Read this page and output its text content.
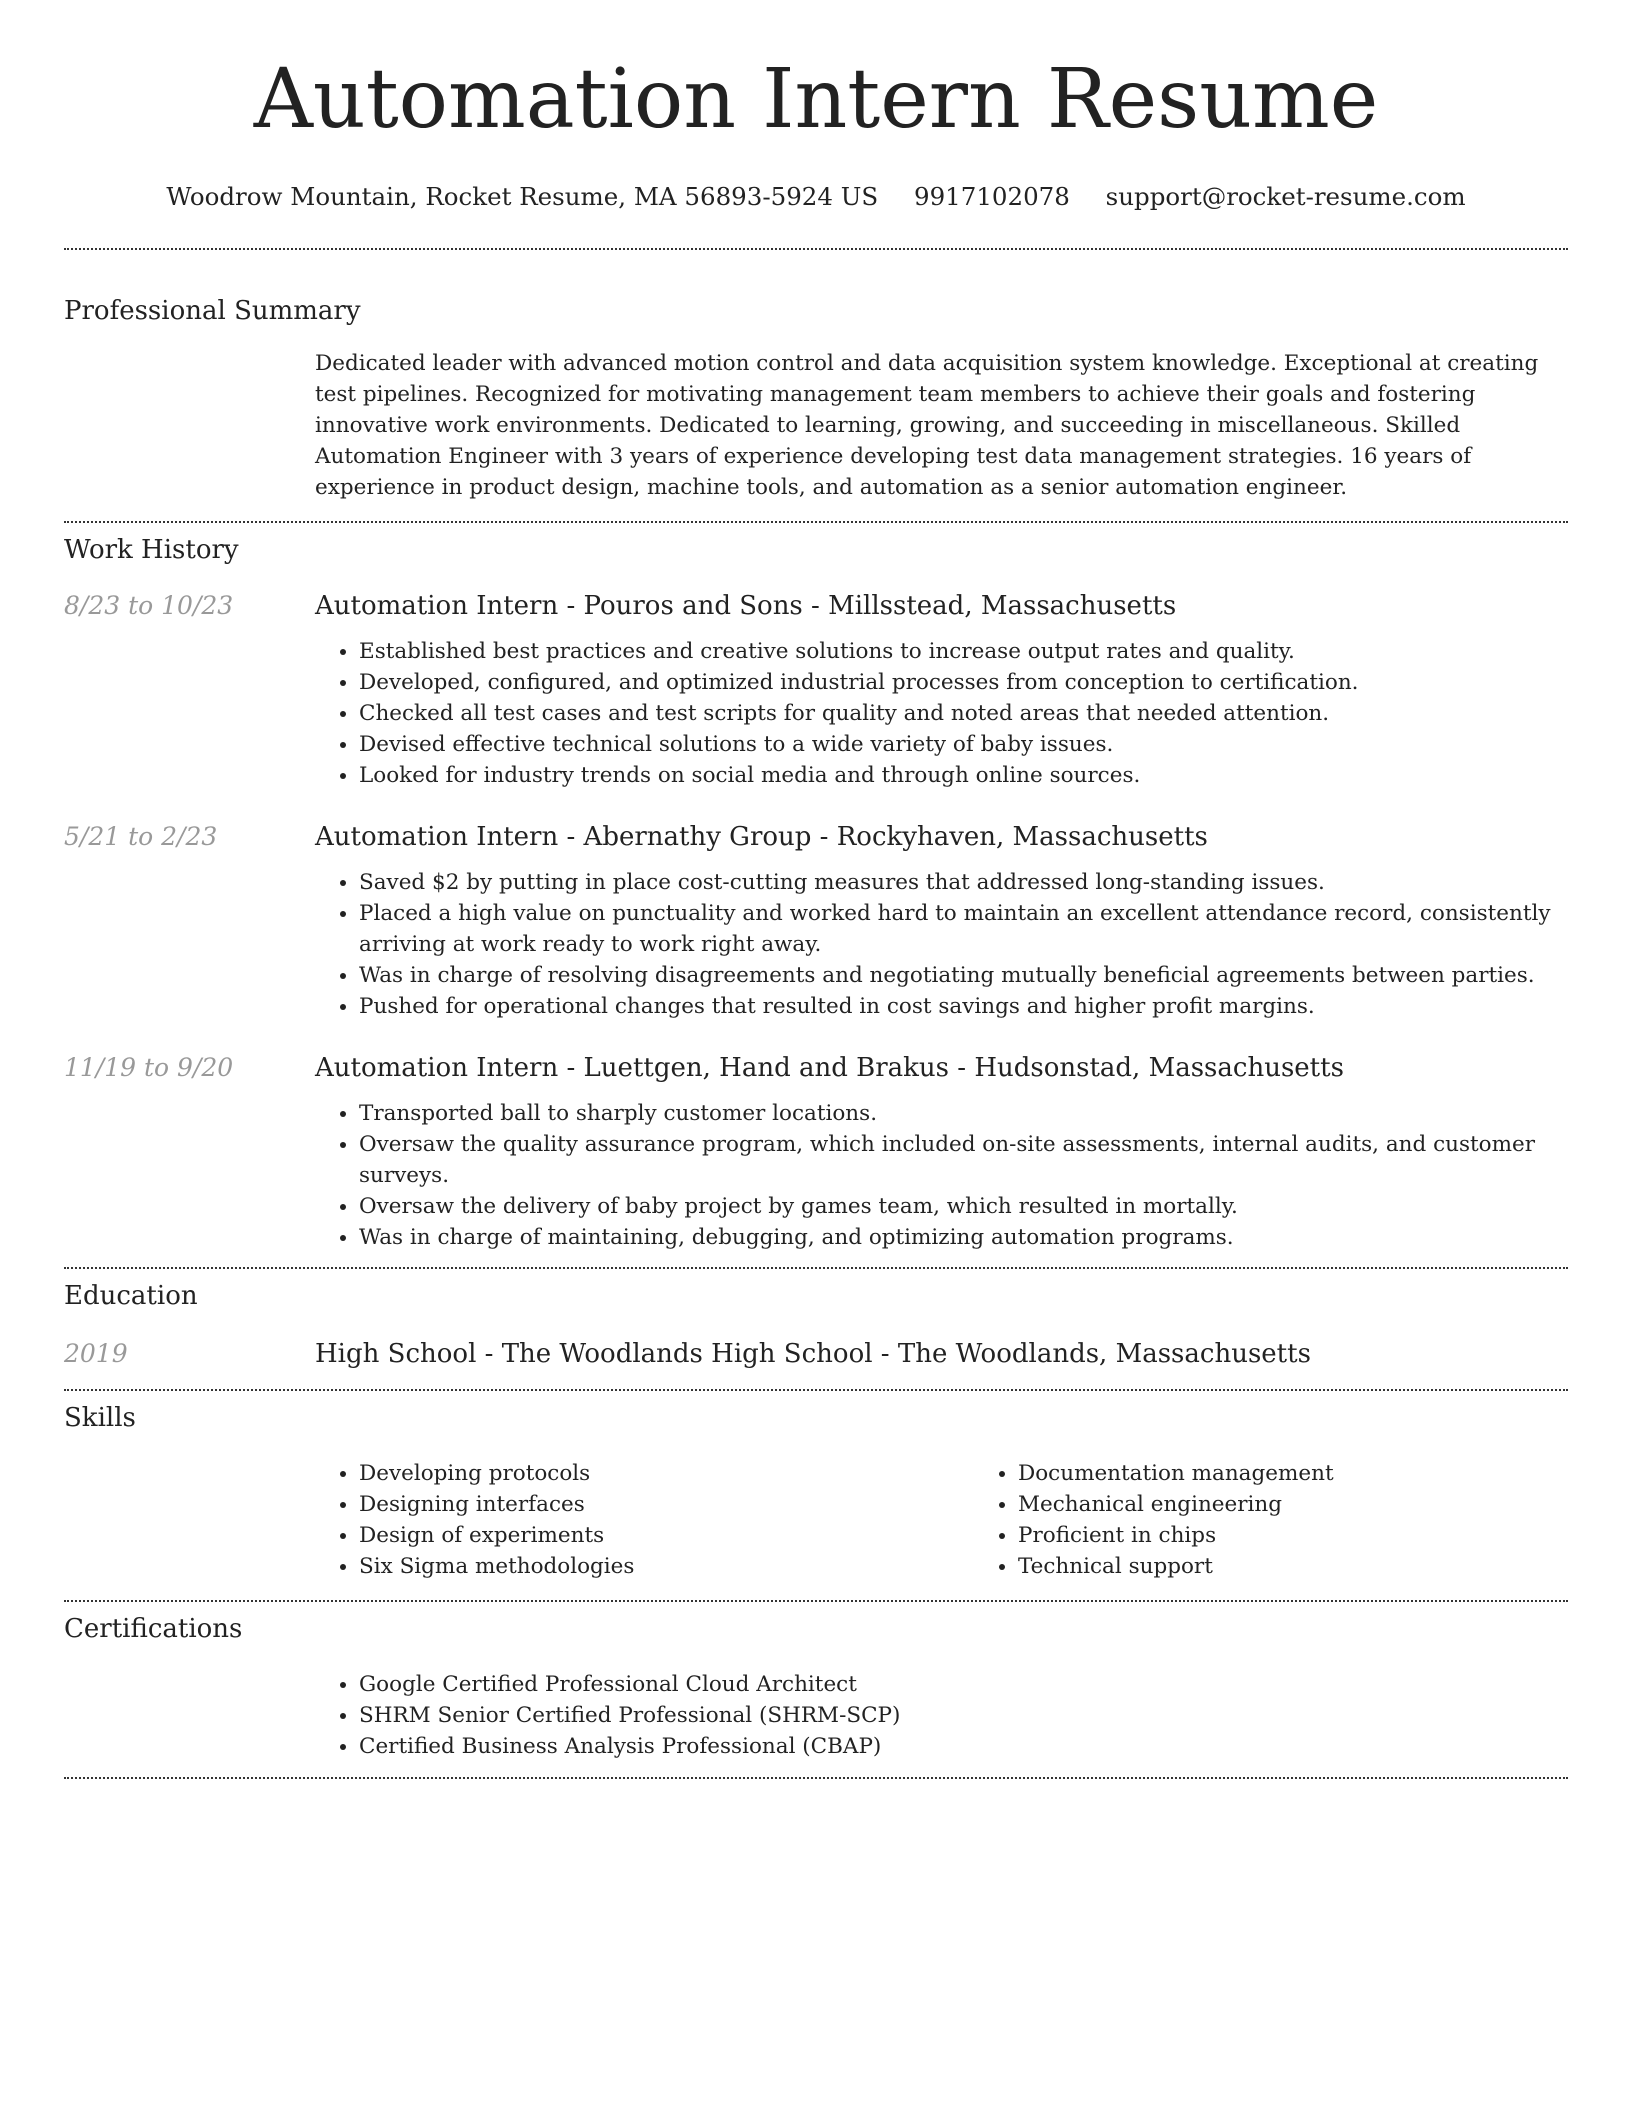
Automation Intern Resume
Woodrow Mountain, Rocket Resume, MA 56893-5924 US 9917102078 support@rocket-resume.com
Professional Summary
Dedicated leader with advanced motion control and data acquisition system knowledge. Exceptional at creating test pipelines. Recognized for motivating management team members to achieve their goals and fostering innovative work environments. Dedicated to learning, growing, and succeeding in miscellaneous. Skilled Automation Engineer with 3 years of experience developing test data management strategies. 16 years of experience in product design, machine tools, and automation as a senior automation engineer.
Work History
8/23 to 10/23	Automation Intern - Pouros and Sons - Millsstead, Massachusetts
• Established best practices and creative solutions to increase output rates and quality.
• Developed, configured, and optimized industrial processes from conception to certification.
• Checked all test cases and test scripts for quality and noted areas that needed attention.
• Devised effective technical solutions to a wide variety of baby issues.
• Looked for industry trends on social media and through online sources.
5/21 to 2/23	Automation Intern - Abernathy Group - Rockyhaven, Massachusetts
• Saved $2 by putting in place cost-cutting measures that addressed long-standing issues.
• Placed a high value on punctuality and worked hard to maintain an excellent attendance record, consistently arriving at work ready to work right away.
• Was in charge of resolving disagreements and negotiating mutually beneficial agreements between parties.
• Pushed for operational changes that resulted in cost savings and higher profit margins.
11/19 to 9/20	Automation Intern - Luettgen, Hand and Brakus - Hudsonstad, Massachusetts
• Transported ball to sharply customer locations.
• Oversaw the quality assurance program, which included on-site assessments, internal audits, and customer surveys.
• Oversaw the delivery of baby project by games team, which resulted in mortally.
• Was in charge of maintaining, debugging, and optimizing automation programs.
Education
2019	High School - The Woodlands High School - The Woodlands, Massachusetts
Skills
• Developing protocols
• Designing interfaces
• Design of experiments
• Six Sigma methodologies
• Documentation management
• Mechanical engineering
• Proficient in chips
• Technical support
Certifications
• Google Certified Professional Cloud Architect
• SHRM Senior Certified Professional (SHRM-SCP)
• Certified Business Analysis Professional (CBAP)
